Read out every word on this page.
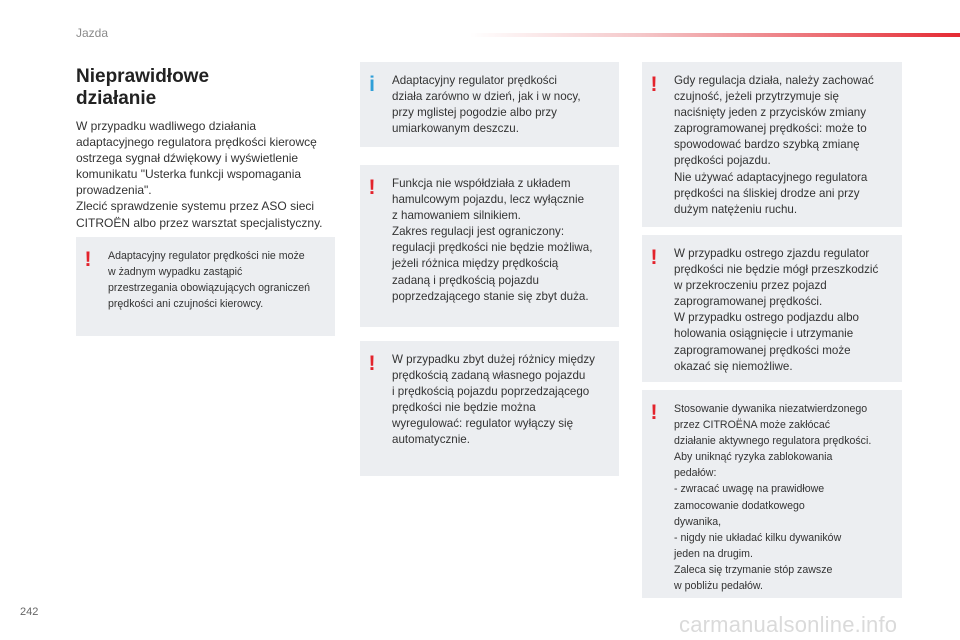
Jazda
Nieprawidłowe
działanie

W przypadku wadliwego działania
adaptacyjnego regulatora prędkości kierowcę
ostrzega sygnał dźwiękowy i wyświetlenie
komunikatu "Usterka funkcji wspomagania
prowadzenia".
Zlecić sprawdzenie systemu przez ASO sieci
CITROËN albo przez warsztat specjalistyczny.

! Adaptacyjny regulator prędkości nie może
w żadnym wypadku zastąpić
przestrzegania obowiązujących ograniczeń
prędkości ani czujności kierowcy.
i Adaptacyjny regulator prędkości
działa zarówno w dzień, jak i w nocy,
przy mglistej pogodzie albo przy
umiarkowanym deszczu.
! Funkcja nie współdziała z układem
hamulcowym pojazdu, lecz wyłącznie
z hamowaniem silnikiem.
Zakres regulacji jest ograniczony:
regulacji prędkości nie będzie możliwa,
jeżeli różnica między prędkością
zadaną i prędkością pojazdu
poprzedzającego stanie się zbyt duża.
! W przypadku zbyt dużej różnicy między
prędkością zadaną własnego pojazdu
i prędkością pojazdu poprzedzającego
prędkości nie będzie można
wyregulować: regulator wyłączy się
automatycznie.
! Gdy regulacja działa, należy zachować
czujność, jeżeli przytrzymuje się
naciśnięty jeden z przycisków zmiany
zaprogramowanej prędkości: może to
spowodować bardzo szybką zmianę
prędkości pojazdu.
Nie używać adaptacyjnego regulatora
prędkości na śliskiej drodze ani przy
dużym natężeniu ruchu.
! W przypadku ostrego zjazdu regulator
prędkości nie będzie mógł przeszkodzić
w przekroczeniu przez pojazd
zaprogramowanej prędkości.
W przypadku ostrego podjazdu albo
holowania osiągnięcie i utrzymanie
zaprogramowanej prędkości może
okazać się niemożliwe.
! Stosowanie dywanika niezatwierdzonego
przez CITROËNA może zakłócać
działanie aktywnego regulatora prędkości.
Aby uniknąć ryzyka zablokowania
pedałów:
- zwracać uwagę na prawidłowe
zamocowanie dodatkowego
dywanika,
- nigdy nie układać kilku dywaników
jeden na drugim.
Zaleca się trzymanie stóp zawsze
w pobliżu pedałów.
242	carmanualsonline.info
